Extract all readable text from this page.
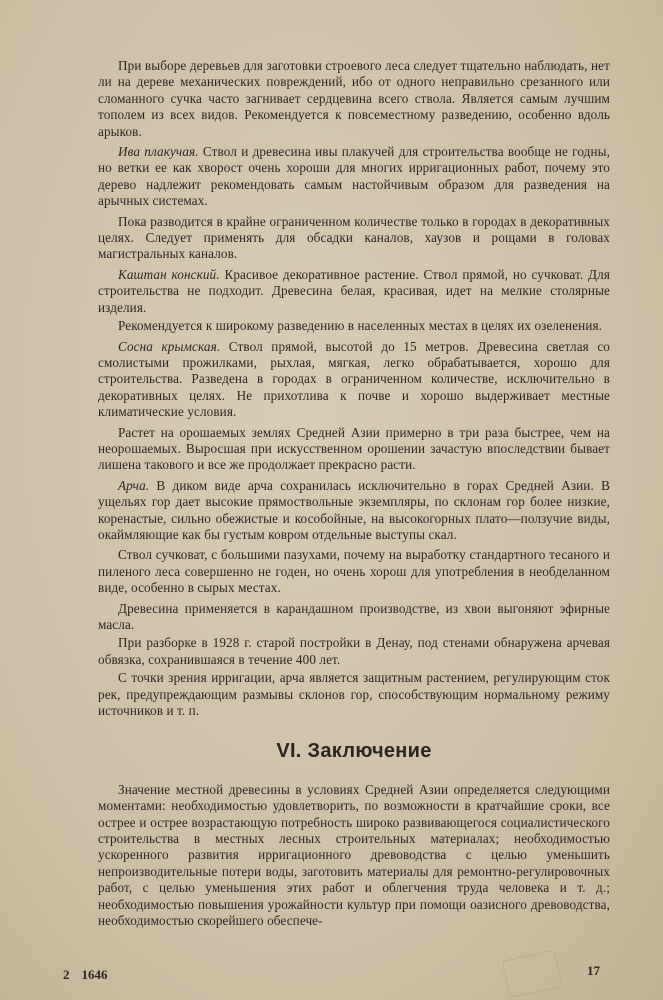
При выборе деревьев для заготовки строевого леса следует тщательно наблюдать, нет ли на дереве механических повреждений, ибо от одного неправильно срезанного или сломанного сучка часто загнивает сердцевина всего ствола. Является самым лучшим тополем из всех видов. Рекомендуется к повсеместному разведению, особенно вдоль арыков.

Ива плакучая. Ствол и древесина ивы плакучей для строительства вообще не годны, но ветки ее как хворост очень хороши для многих ирригационных работ, почему это дерево надлежит рекомендовать самым настойчивым образом для разведения на арычных системах.

Пока разводится в крайне ограниченном количестве только в городах в декоративных целях. Следует применять для обсадки каналов, хаузов и рощами в головах магистральных каналов.

Каштан конский. Красивое декоративное растение. Ствол прямой, но сучковат. Для строительства не подходит. Древесина белая, красивая, идет на мелкие столярные изделия.

Рекомендуется к широкому разведению в населенных местах в целях их озеленения.

Сосна крымская. Ствол прямой, высотой до 15 метров. Древесина светлая со смолистыми прожилками, рыхлая, мягкая, легко обрабатывается, хорошо для строительства. Разведена в городах в ограниченном количестве, исключительно в декоративных целях. Не прихотлива к почве и хорошо выдерживает местные климатические условия.

Растет на орошаемых землях Средней Азии примерно в три раза быстрее, чем на неорошаемых. Выросшая при искусственном орошении зачастую впоследствии бывает лишена такового и все же продолжает прекрасно расти.

Арча. В диком виде арча сохранилась исключительно в горах Средней Азии. В ущельях гор дает высокие прямоствольные экземпляры, по склонам гор более низкие, коренастые, сильно обежистые и кособойные, на высокогорных плато—ползучие виды, окаймляющие как бы густым ковром отдельные выступы скал.

Ствол сучковат, с большими пазухами, почему на выработку стандартного тесаного и пиленого леса совершенно не годен, но очень хорош для употребления в необделанном виде, особенно в сырых местах.

Древесина применяется в карандашном производстве, из хвои выгоняют эфирные масла.

При разборке в 1928 г. старой постройки в Денау, под стенами обнаружена арчевая обвязка, сохранившаяся в течение 400 лет.

С точки зрения ирригации, арча является защитным растением, регулирующим сток рек, предупреждающим размывы склонов гор, способствующим нормальному режиму источников и т. п.

VI. Заключение

Значение местной древесины в условиях Средней Азии определяется следующими моментами: необходимостью удовлетворить, по возможности в кратчайшие сроки, все острее и острее возрастающую потребность широко развивающегося социалистического строительства в местных лесных строительных материалах; необходимостью ускоренного развития ирригационного древоводства с целью уменьшить непроизводительные потери воды, заготовить материалы для ремонтно-регулировочных работ, с целью уменьшения этих работ и облегчения труда человека и т. д.; необходимостью повышения урожайности культур при помощи оазисного древоводства, необходимостью скорейшего обеспече-

2 1646	17
